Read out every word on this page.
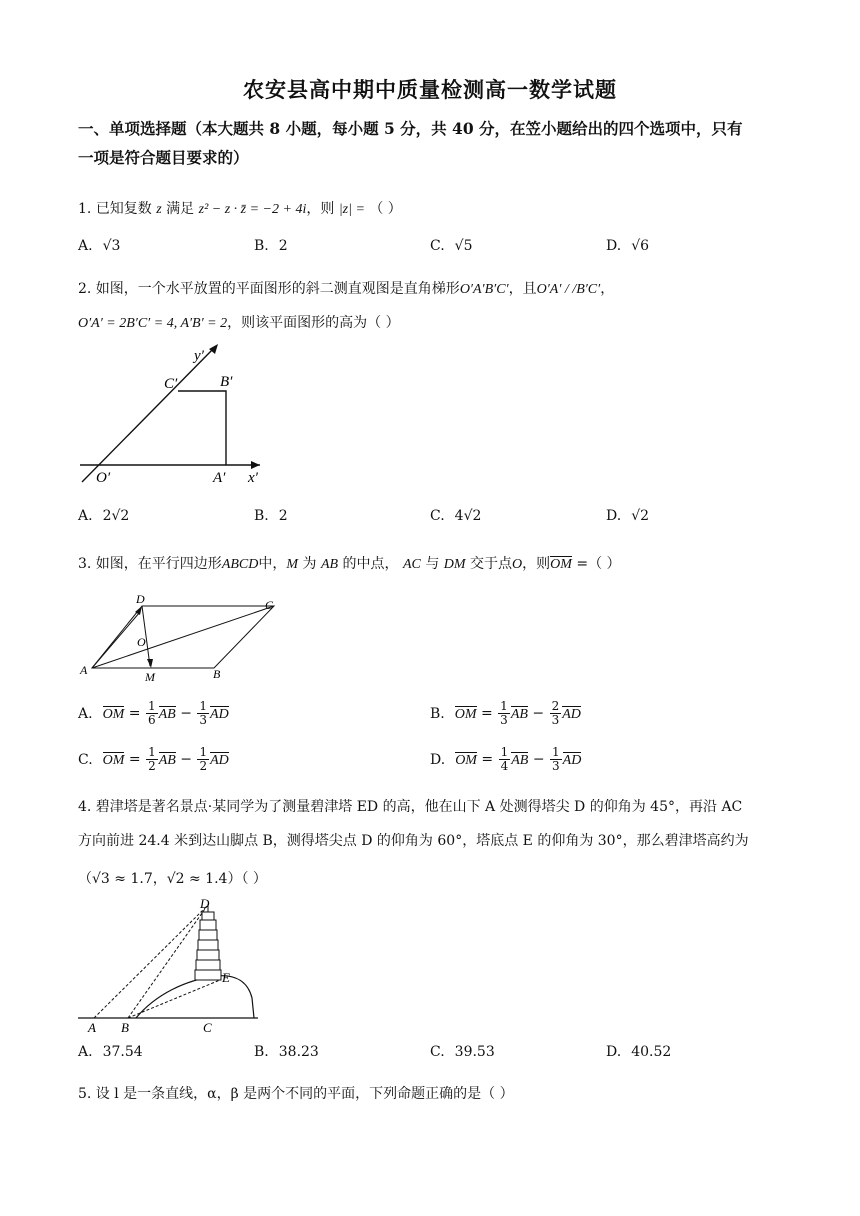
农安县高中期中质量检测高一数学试题
一、单项选择题（本大题共 8 小题，每小题 5 分，共 40 分，在笠小题给出的四个选项中，只有
一项是符合题目要求的）
1. 已知复数 z 满足 z² − z · z̄ = −2 + 4i，则 |z| = （ ）
A. √3	B. 2	C. √5	D. √6
2. 如图，一个水平放置的平面图形的斜二测直观图是直角梯形O′A′B′C′，且O′A′ / /B′C′，
O′A′ = 2B′C′ = 4, A′B′ = 2，则该平面图形的高为（ ）
y′
x′
O′	A′
B′
C′
A. 2√2	B. 2	C. 4√2	D. √2
3. 如图，在平行四边形ABCD中，M 为 AB 的中点， AC 与 DM 交于点O，则OM =（ ）
D	C
O
A	M	B
A. OM = $\frac{1}{6}$ AB − $\frac{1}{3}$ AD	B. OM = $\frac{1}{3}$ AB − $\frac{2}{3}$ AD
C. OM = $\frac{1}{2}$ AB − $\frac{1}{2}$ AD	D. OM = $\frac{1}{4}$ AB − $\frac{1}{3}$ AD
4. 碧津塔是著名景点·某同学为了测量碧津塔 ED 的高，他在山下 A 处测得塔尖 D 的仰角为 45°，再沿 AC
方向前进 24.4 米到达山脚点 B，测得塔尖点 D 的仰角为 60°，塔底点 E 的仰角为 30°，那么碧津塔高约为
（√3 ≈ 1.7，√2 ≈ 1.4）（ ）
D
E
A B	C
A. 37.54	B. 38.23	C. 39.53	D. 40.52
5. 设 l 是一条直线，α，β 是两个不同的平面，下列命题正确的是（ ）
